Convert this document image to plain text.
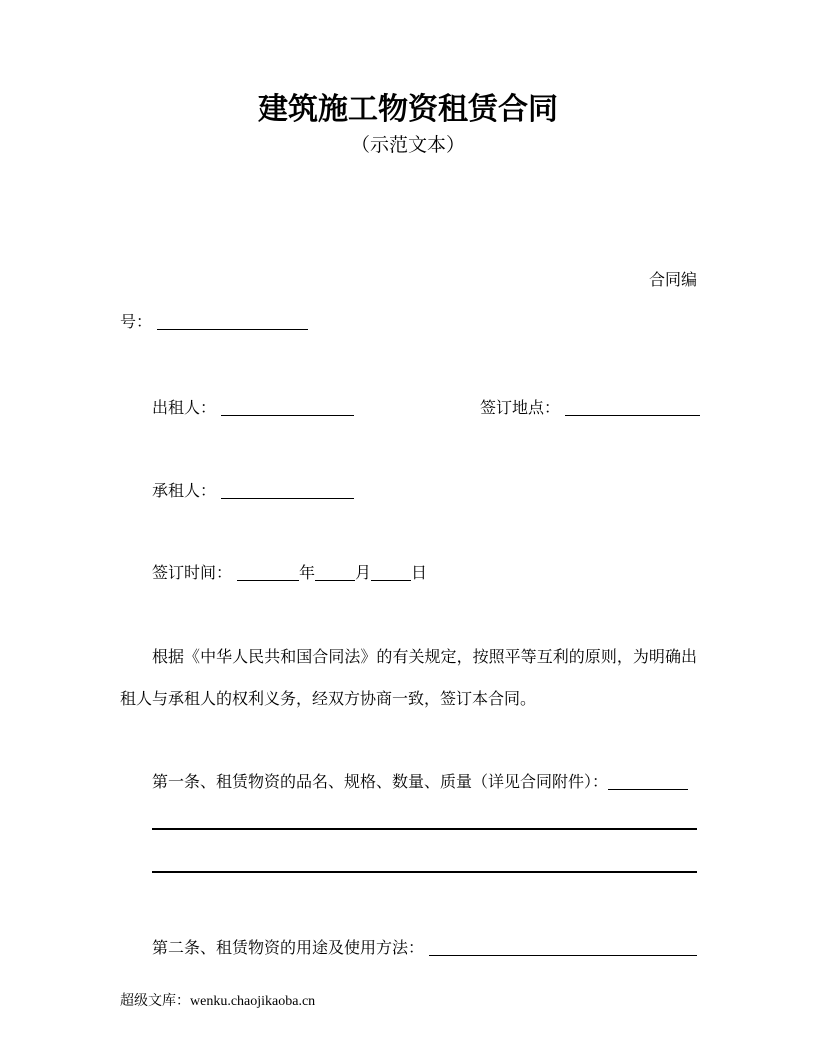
建筑施工物资租赁合同
（示范文本）
合同编
号：
出租人：	签订地点：
承租人：
签订时间：	年	月	日
根据《中华人民共和国合同法》的有关规定，按照平等互利的原则，为明确出租人与承租人的权利义务，经双方协商一致，签订本合同。
第一条、租赁物资的品名、规格、数量、质量（详见合同附件）：
第二条、租赁物资的用途及使用方法：
超级文库：wenku.chaojikaoba.cn
